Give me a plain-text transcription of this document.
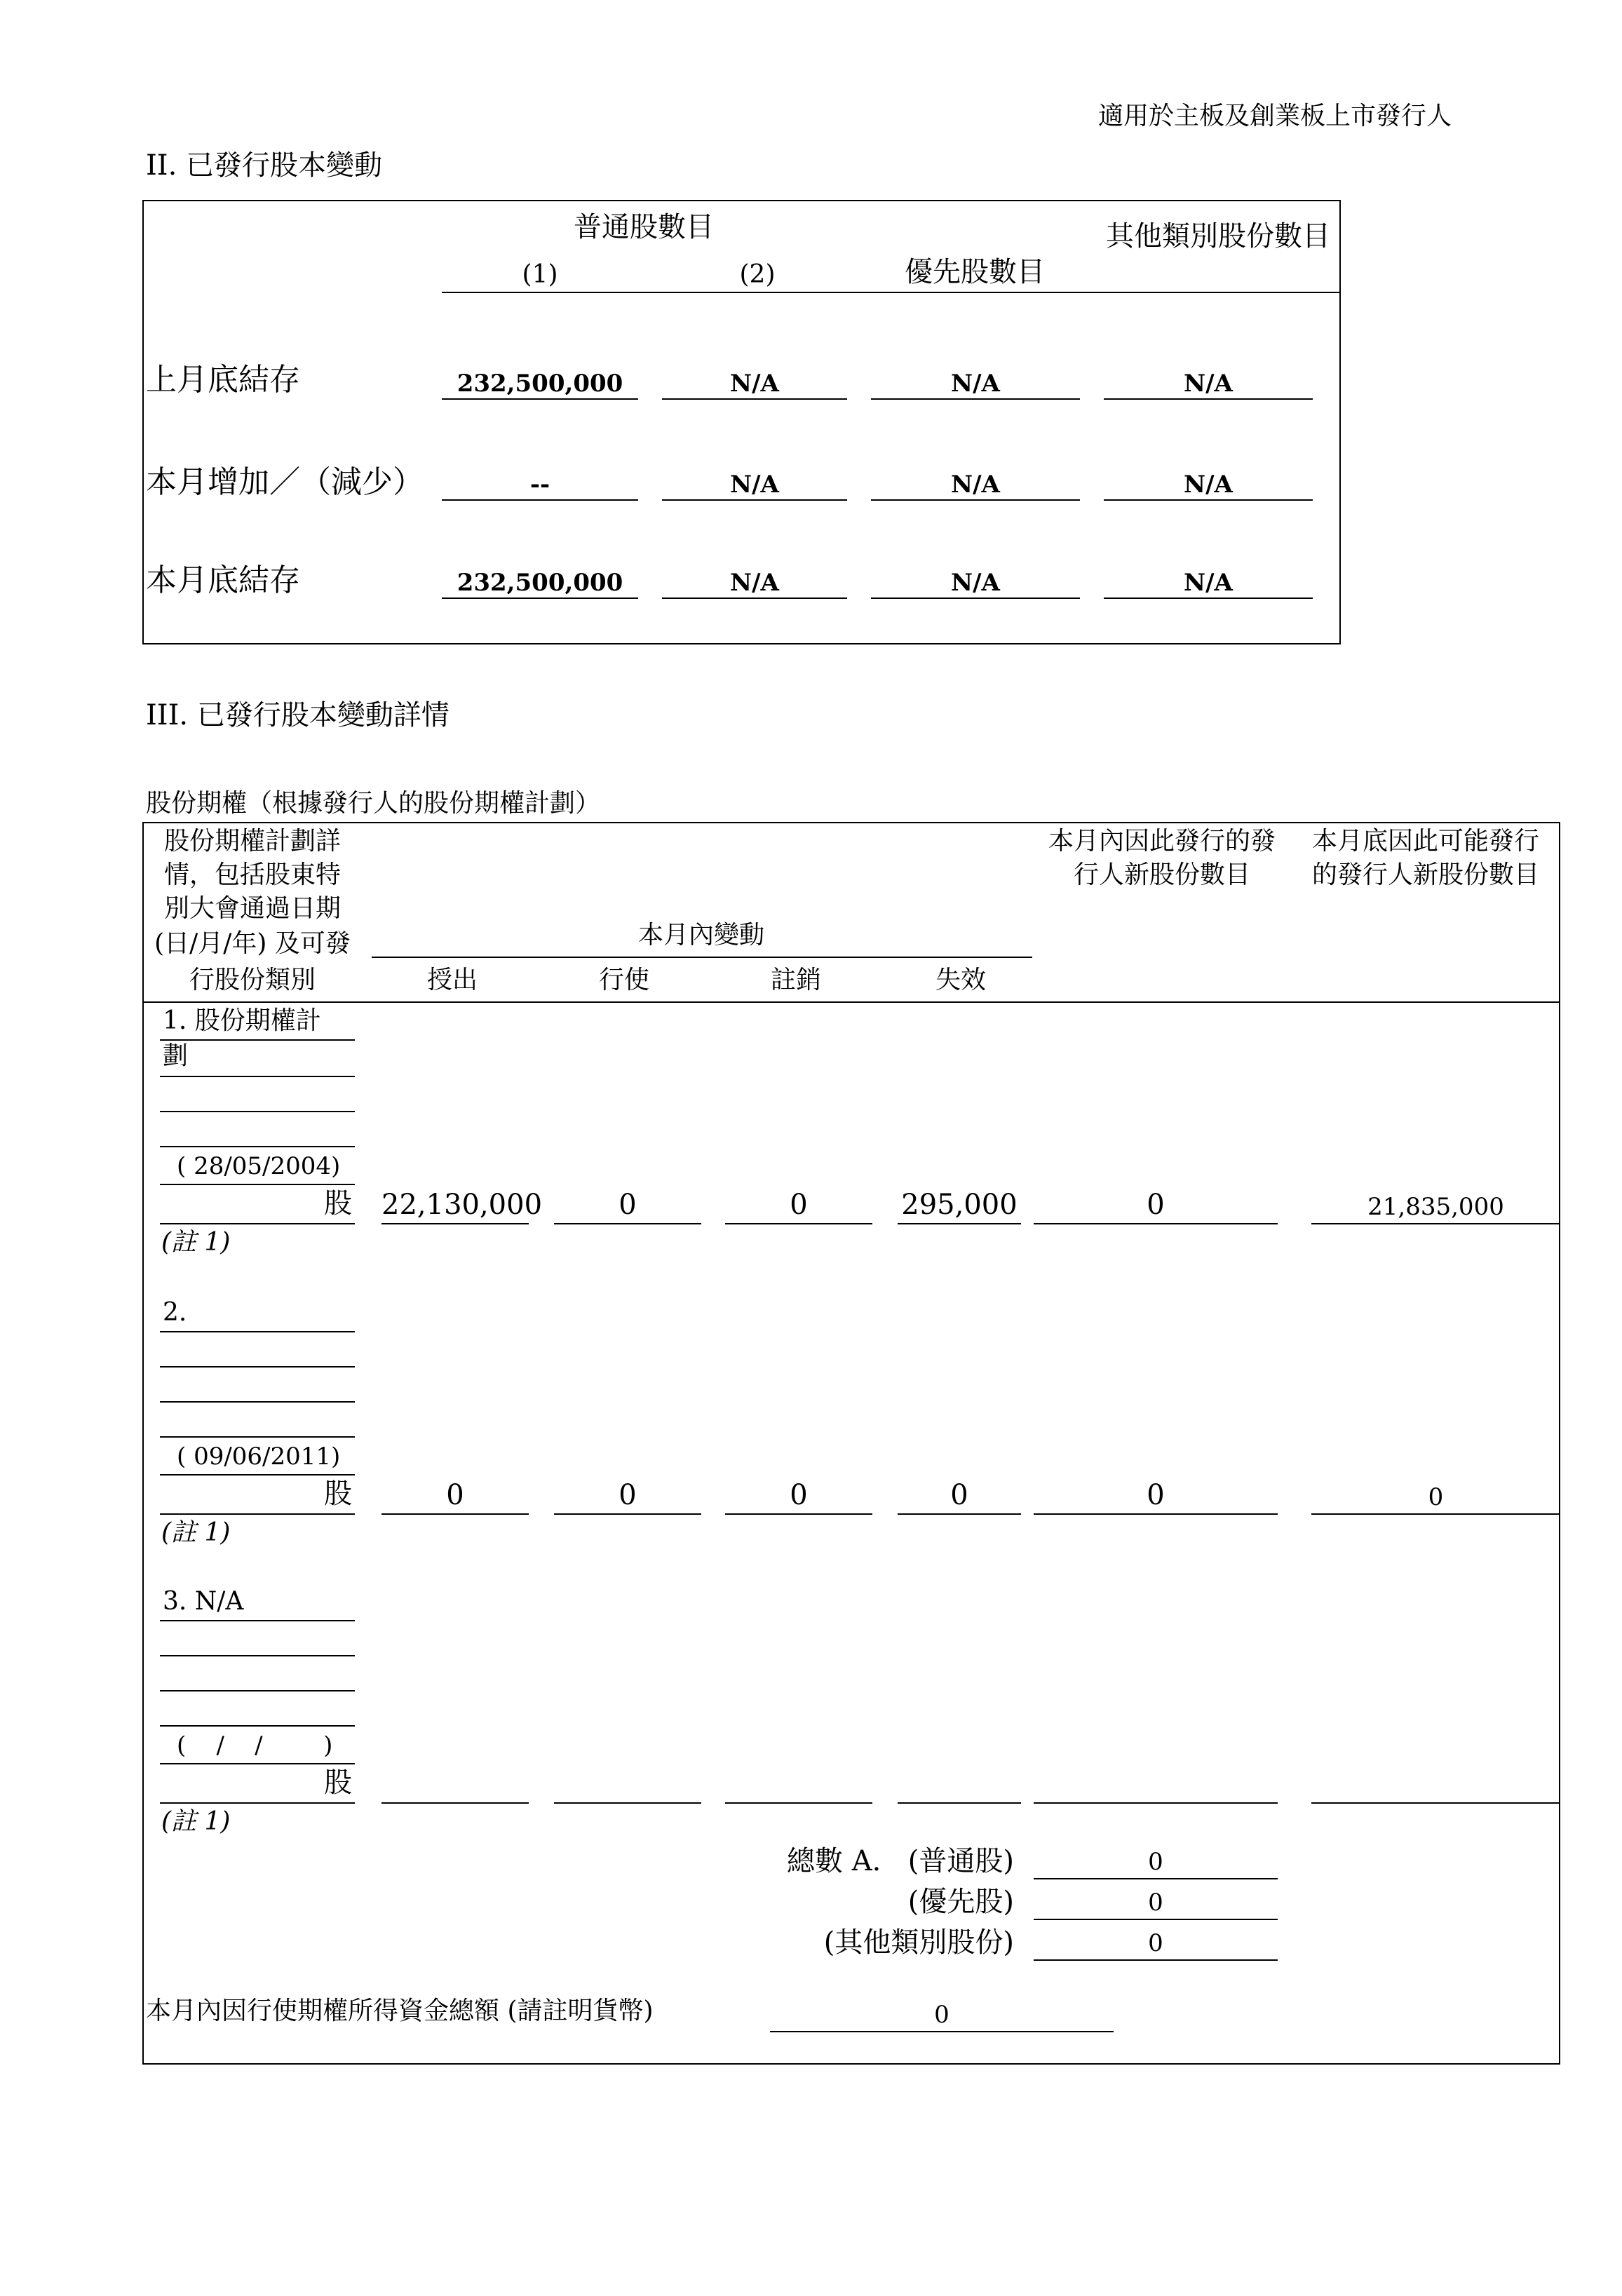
適用於主板及創業板上市發行人
II. 已發行股本變動
普通股數目
(1)	(2)	優先股數目
其他類別股份數目
上月底結存	232,500,000	N/A	N/A	N/A
本月增加／（減少）	--	N/A	N/A	N/A
本月底結存	232,500,000	N/A	N/A	N/A
III. 已發行股本變動詳情
股份期權（根據發行人的股份期權計劃）
股份期權計劃詳
情，包括股東特
別大會通過日期
(日/月/年) 及可發
行股份類別
本月內變動
授出	行使	註銷	失效
本月內因此發行的發
行人新股份數目
本月底因此可能發行
的發行人新股份數目
1. 股份期權計
劃
( 28/05/2004)
股 22,130,000	0	0	295,000	0	21,835,000
(註 1)
2.
( 09/06/2011)
股	0	0	0	0	0	0
(註 1)
3. N/A
(    /    /        )
股
(註 1)
總數 A. (普通股)	0
(優先股)	0
(其他類別股份)	0
本月內因行使期權所得資金總額 (請註明貨幣)	0
